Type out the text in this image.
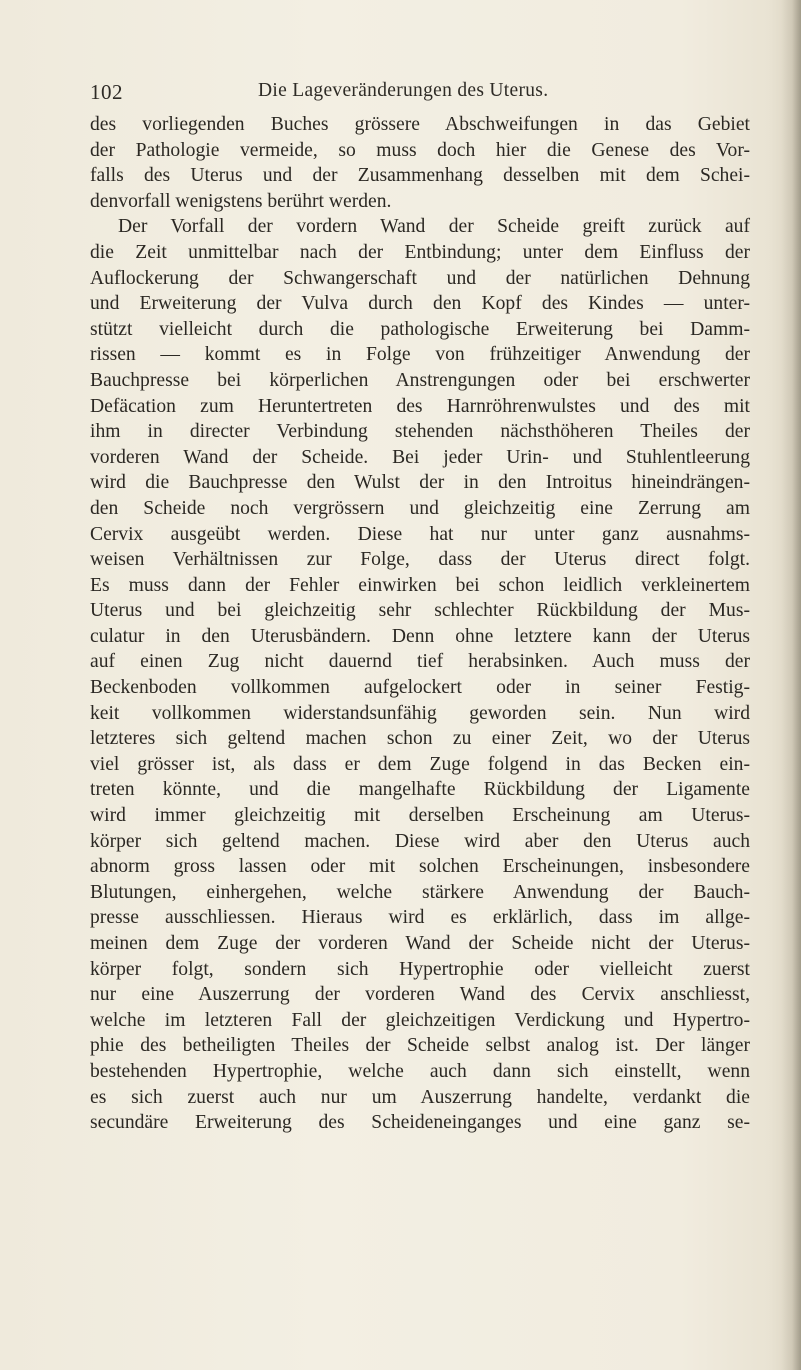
102	Die Lageveränderungen des Uterus.
des vorliegenden Buches grössere Abschweifungen in das Gebiet
der Pathologie vermeide, so muss doch hier die Genese des Vor-
falls des Uterus und der Zusammenhang desselben mit dem Schei-
denvorfall wenigstens berührt werden.
Der Vorfall der vordern Wand der Scheide greift zurück auf
die Zeit unmittelbar nach der Entbindung; unter dem Einfluss der
Auflockerung der Schwangerschaft und der natürlichen Dehnung
und Erweiterung der Vulva durch den Kopf des Kindes — unter-
stützt vielleicht durch die pathologische Erweiterung bei Damm-
rissen — kommt es in Folge von frühzeitiger Anwendung der
Bauchpresse bei körperlichen Anstrengungen oder bei erschwerter
Defäcation zum Heruntertreten des Harnröhrenwulstes und des mit
ihm in directer Verbindung stehenden nächsthöheren Theiles der
vorderen Wand der Scheide. Bei jeder Urin- und Stuhlentleerung
wird die Bauchpresse den Wulst der in den Introitus hineindrängen-
den Scheide noch vergrössern und gleichzeitig eine Zerrung am
Cervix ausgeübt werden. Diese hat nur unter ganz ausnahms-
weisen Verhältnissen zur Folge, dass der Uterus direct folgt.
Es muss dann der Fehler einwirken bei schon leidlich verkleinertem
Uterus und bei gleichzeitig sehr schlechter Rückbildung der Mus-
culatur in den Uterusbändern. Denn ohne letztere kann der Uterus
auf einen Zug nicht dauernd tief herabsinken. Auch muss der
Beckenboden vollkommen aufgelockert oder in seiner Festig-
keit vollkommen widerstandsunfähig geworden sein. Nun wird
letzteres sich geltend machen schon zu einer Zeit, wo der Uterus
viel grösser ist, als dass er dem Zuge folgend in das Becken ein-
treten könnte, und die mangelhafte Rückbildung der Ligamente
wird immer gleichzeitig mit derselben Erscheinung am Uterus-
körper sich geltend machen. Diese wird aber den Uterus auch
abnorm gross lassen oder mit solchen Erscheinungen, insbesondere
Blutungen, einhergehen, welche stärkere Anwendung der Bauch-
presse ausschliessen. Hieraus wird es erklärlich, dass im allge-
meinen dem Zuge der vorderen Wand der Scheide nicht der Uterus-
körper folgt, sondern sich Hypertrophie oder vielleicht zuerst
nur eine Auszerrung der vorderen Wand des Cervix anschliesst,
welche im letzteren Fall der gleichzeitigen Verdickung und Hypertro-
phie des betheiligten Theiles der Scheide selbst analog ist. Der länger
bestehenden Hypertrophie, welche auch dann sich einstellt, wenn
es sich zuerst auch nur um Auszerrung handelte, verdankt die
secundäre Erweiterung des Scheideneinganges und eine ganz se-
